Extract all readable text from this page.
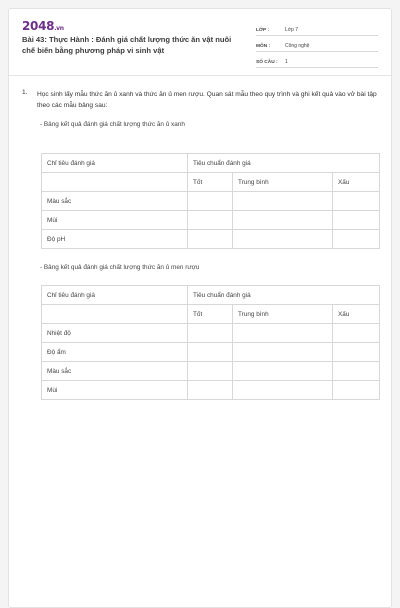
2048.vn
Bài 43: Thực Hành : Đánh giá chất lượng thức ăn vật nuôi chế biến bằng phương pháp vi sinh vật
LỚP :	Lớp 7
MÔN :	Công nghệ
SỐ CÂU : 1
1. Học sinh lấy mẫu thức ăn ủ xanh và thức ăn ủ men rượu. Quan sát mẫu theo quy trình và ghi kết quả vào vở bài tập theo các mẫu bảng sau:
- Bảng kết quả đánh giá chất lượng thức ăn ủ xanh
Chỉ tiêu đánh giá	Tiêu chuẩn đánh giá		
	Tốt	Trung bình	Xấu
Màu sắc			
Mùi			
Độ pH			
- Bảng kết quả đánh giá chất lượng thức ăn ủ men rượu
Chỉ tiêu đánh giá	Tiêu chuẩn đánh giá		
	Tốt	Trung bình	Xấu
Nhiệt độ			
Độ ẩm			
Màu sắc			
Mùi			
